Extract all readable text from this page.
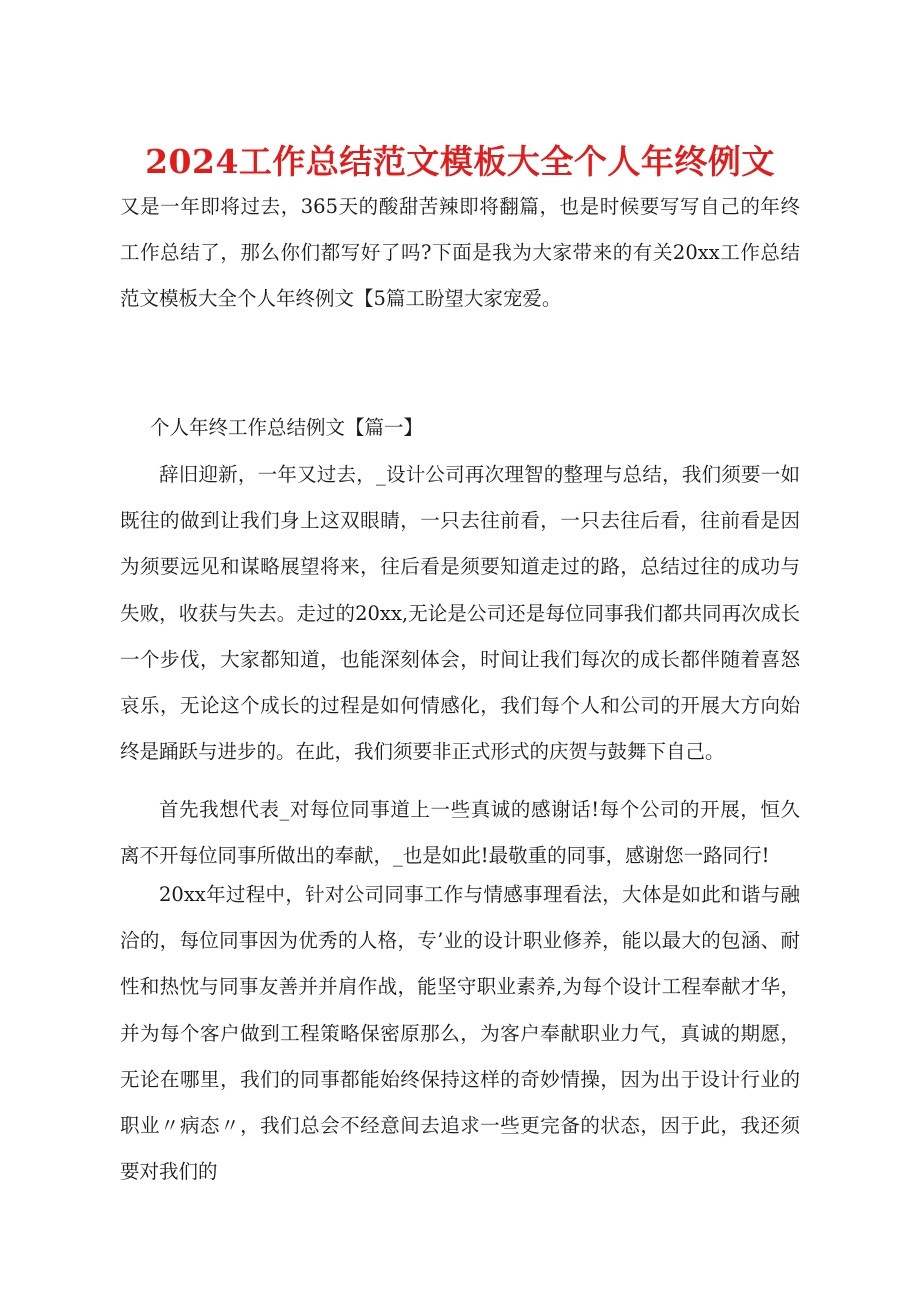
2024工作总结范文模板大全个人年终例文

又是一年即将过去，365天的酸甜苦辣即将翻篇，也是时候要写写自己的年终工作总结了，那么你们都写好了吗?下面是我为大家带来的有关20xx工作总结范文模板大全个人年终例文【5篇工盼望大家宠爱。

个人年终工作总结例文【篇一】

辞旧迎新，一年又过去，_设计公司再次理智的整理与总结，我们须要一如既往的做到让我们身上这双眼睛，一只去往前看，一只去往后看，往前看是因为须要远见和谋略展望将来，往后看是须要知道走过的路，总结过往的成功与失败，收获与失去。走过的20xx,无论是公司还是每位同事我们都共同再次成长一个步伐，大家都知道，也能深刻体会，时间让我们每次的成长都伴随着喜怒哀乐，无论这个成长的过程是如何情感化，我们每个人和公司的开展大方向始终是踊跃与进步的。在此，我们须要非正式形式的庆贺与鼓舞下自己。

首先我想代表_对每位同事道上一些真诚的感谢话!每个公司的开展，恒久离不开每位同事所做出的奉献，_也是如此!最敬重的同事，感谢您一路同行!

20xx年过程中，针对公司同事工作与情感事理看法，大体是如此和谐与融洽的，每位同事因为优秀的人格，专’业的设计职业修养，能以最大的包涵、耐性和热忱与同事友善并并肩作战，能坚守职业素养,为每个设计工程奉献才华，并为每个客户做到工程策略保密原那么，为客户奉献职业力气，真诚的期愿，无论在哪里，我们的同事都能始终保持这样的奇妙情操，因为出于设计行业的职业〃病态〃，我们总会不经意间去追求一些更完备的状态，因于此，我还须要对我们的
